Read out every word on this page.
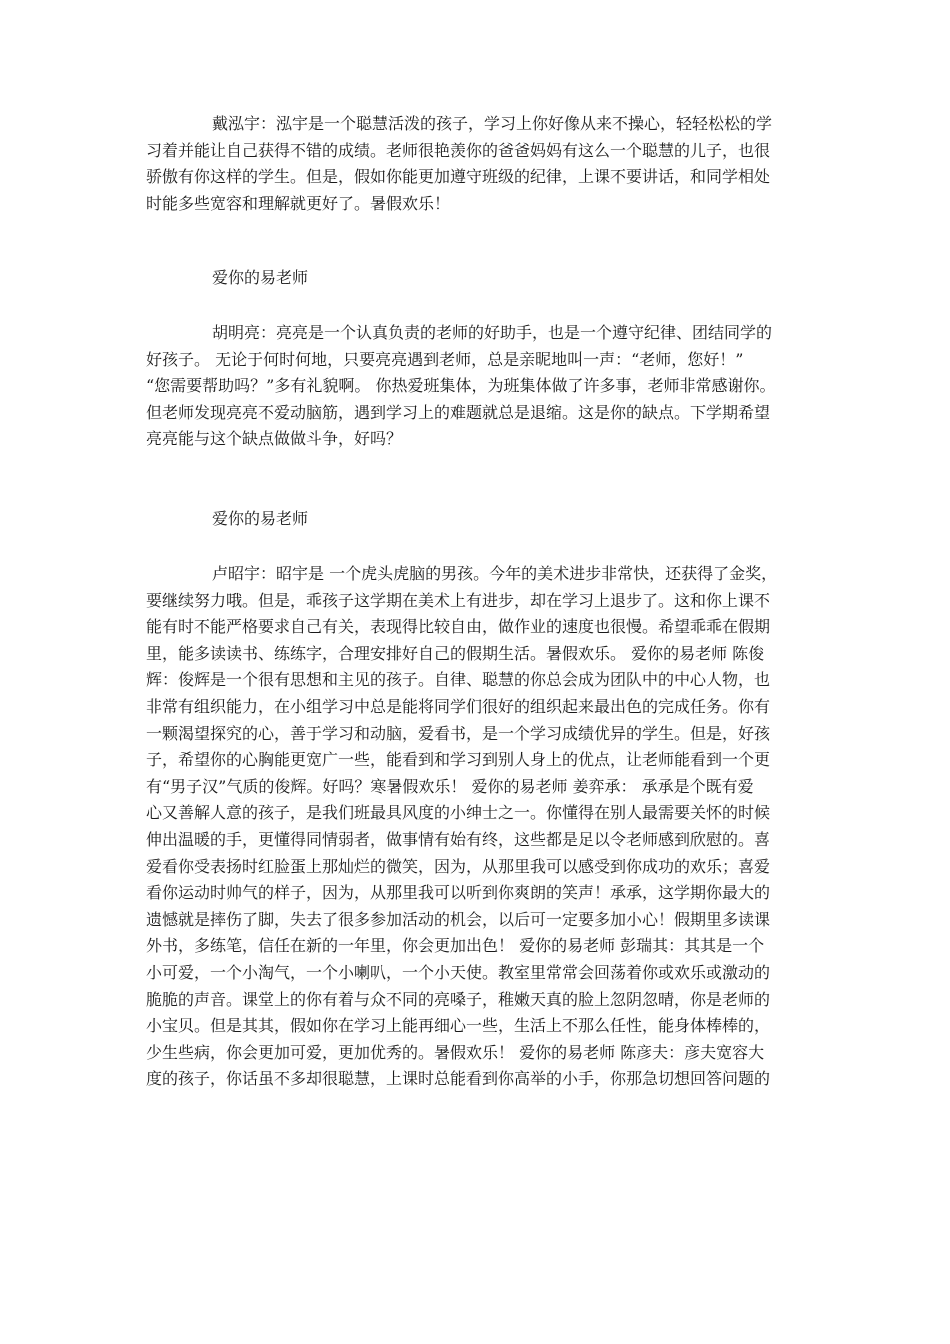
戴泓宇：泓宇是一个聪慧活泼的孩子，学习上你好像从来不操心，轻轻松松的学
习着并能让自己获得不错的成绩。老师很艳羡你的爸爸妈妈有这么一个聪慧的儿子，也很
骄傲有你这样的学生。但是，假如你能更加遵守班级的纪律，上课不要讲话，和同学相处
时能多些宽容和理解就更好了。暑假欢乐！

爱你的易老师

胡明亮：亮亮是一个认真负责的老师的好助手，也是一个遵守纪律、团结同学的
好孩子。 无论于何时何地，只要亮亮遇到老师，总是亲昵地叫一声：“老师，您好！”
“您需要帮助吗？”多有礼貌啊。 你热爱班集体，为班集体做了许多事，老师非常感谢你。
但老师发现亮亮不爱动脑筋，遇到学习上的难题就总是退缩。这是你的缺点。下学期希望
亮亮能与这个缺点做做斗争，好吗？

爱你的易老师

卢昭宇：昭宇是 一个虎头虎脑的男孩。今年的美术进步非常快，还获得了金奖，
要继续努力哦。但是，乖孩子这学期在美术上有进步，却在学习上退步了。这和你上课不
能有时不能严格要求自己有关，表现得比较自由，做作业的速度也很慢。希望乖乖在假期
里，能多读读书、练练字，合理安排好自己的假期生活。暑假欢乐。 爱你的易老师 陈俊
辉：俊辉是一个很有思想和主见的孩子。自律、聪慧的你总会成为团队中的中心人物，也
非常有组织能力，在小组学习中总是能将同学们很好的组织起来最出色的完成任务。你有
一颗渴望探究的心，善于学习和动脑，爱看书，是一个学习成绩优异的学生。但是，好孩
子，希望你的心胸能更宽广一些，能看到和学习到别人身上的优点，让老师能看到一个更
有“男子汉”气质的俊辉。好吗？寒暑假欢乐！ 爱你的易老师 姜弈承： 承承是个既有爱
心又善解人意的孩子，是我们班最具风度的小绅士之一。你懂得在别人最需要关怀的时候
伸出温暖的手，更懂得同情弱者，做事情有始有终，这些都是足以令老师感到欣慰的。喜
爱看你受表扬时红脸蛋上那灿烂的微笑，因为，从那里我可以感受到你成功的欢乐；喜爱
看你运动时帅气的样子，因为，从那里我可以听到你爽朗的笑声！承承，这学期你最大的
遗憾就是摔伤了脚，失去了很多参加活动的机会，以后可一定要多加小心！假期里多读课
外书，多练笔，信任在新的一年里，你会更加出色！ 爱你的易老师 彭瑞其：其其是一个
小可爱，一个小淘气，一个小喇叭，一个小天使。教室里常常会回荡着你或欢乐或激动的
脆脆的声音。课堂上的你有着与众不同的亮嗓子，稚嫩天真的脸上忽阴忽晴，你是老师的
小宝贝。但是其其，假如你在学习上能再细心一些，生活上不那么任性，能身体棒棒的，
少生些病，你会更加可爱，更加优秀的。暑假欢乐！ 爱你的易老师 陈彦夫：彦夫宽容大
度的孩子，你话虽不多却很聪慧，上课时总能看到你高举的小手，你那急切想回答问题的
